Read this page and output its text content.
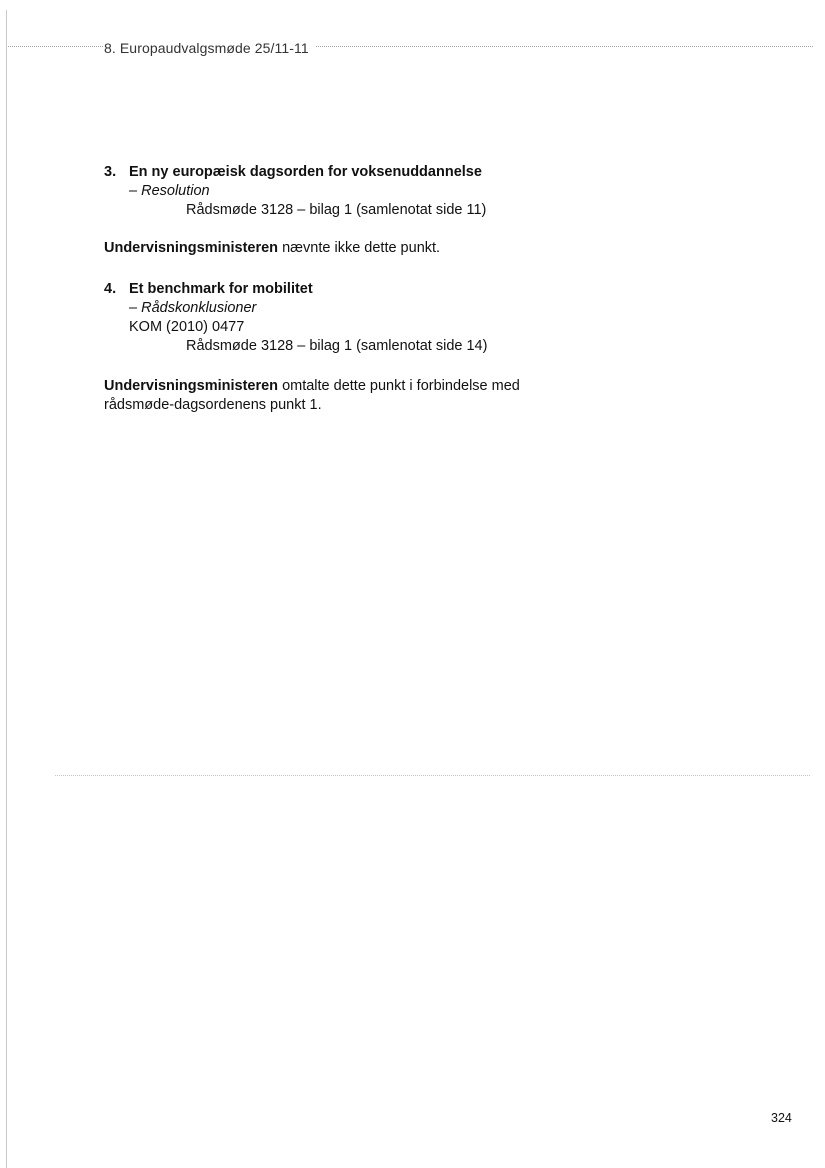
8. Europaudvalgsmøde 25/11-11
3. En ny europæisk dagsorden for voksenuddannelse
– Resolution
Rådsmøde 3128 – bilag 1 (samlenotat side 11)
Undervisningsministeren nævnte ikke dette punkt.
4. Et benchmark for mobilitet
– Rådskonklusioner
KOM (2010) 0477
Rådsmøde 3128 – bilag 1 (samlenotat side 14)
Undervisningsministeren omtalte dette punkt i forbindelse med rådsmøde-dagsordenens punkt 1.
324
